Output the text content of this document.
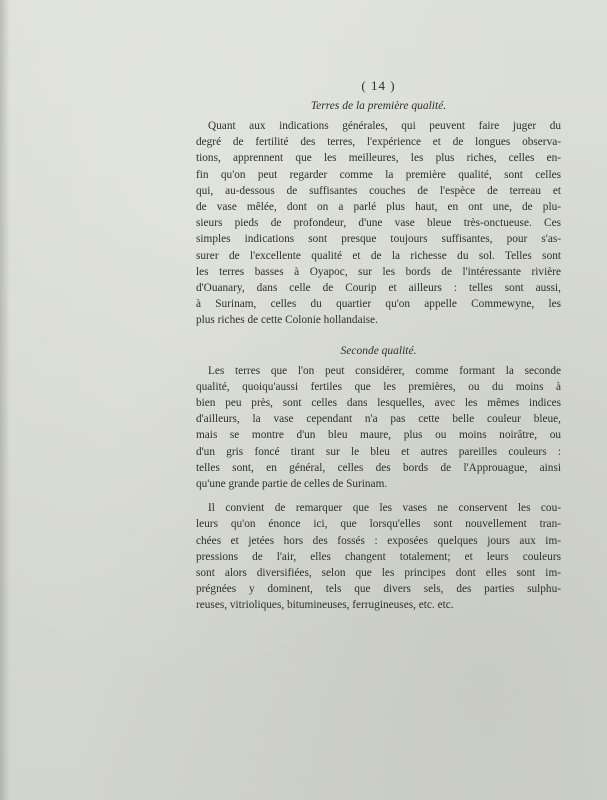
( 14 )
Terres de la première qualité.
Quant aux indications générales, qui peuvent faire juger du
degré de fertilité des terres, l'expérience et de longues observa-
tions, apprennent que les meilleures, les plus riches, celles en-
fin qu'on peut regarder comme la première qualité, sont celles
qui, au-dessous de suffisantes couches de l'espèce de terreau et
de vase mêlée, dont on a parlé plus haut, en ont une, de plu-
sieurs pieds de profondeur, d'une vase bleue très-onctueuse. Ces
simples indications sont presque toujours suffisantes, pour s'as-
surer de l'excellente qualité et de la richesse du sol. Telles sont
les terres basses à Oyapoc, sur les bords de l'intéressante rivière
d'Ouanary, dans celle de Courip et ailleurs : telles sont aussi,
à Surinam, celles du quartier qu'on appelle Commewyne, les
plus riches de cette Colonie hollandaise.
Seconde qualité.
Les terres que l'on peut considérer, comme formant la seconde
qualité, quoiqu'aussi fertiles que les premières, ou du moins à
bien peu près, sont celles dans lesquelles, avec les mêmes indices
d'ailleurs, la vase cependant n'a pas cette belle couleur bleue,
mais se montre d'un bleu maure, plus ou moins noirâtre, ou
d'un gris foncé tirant sur le bleu et autres pareilles couleurs :
telles sont, en général, celles des bords de l'Approuague, ainsi
qu'une grande partie de celles de Surinam.
Il convient de remarquer que les vases ne conservent les cou-
leurs qu'on énonce ici, que lorsqu'elles sont nouvellement tran-
chées et jetées hors des fossés : exposées quelques jours aux im-
pressions de l'air, elles changent totalement; et leurs couleurs
sont alors diversifiées, selon que les principes dont elles sont im-
prégnées y dominent, tels que divers sels, des parties sulphu-
reuses, vitrioliques, bitumineuses, ferrugineuses, etc. etc.
